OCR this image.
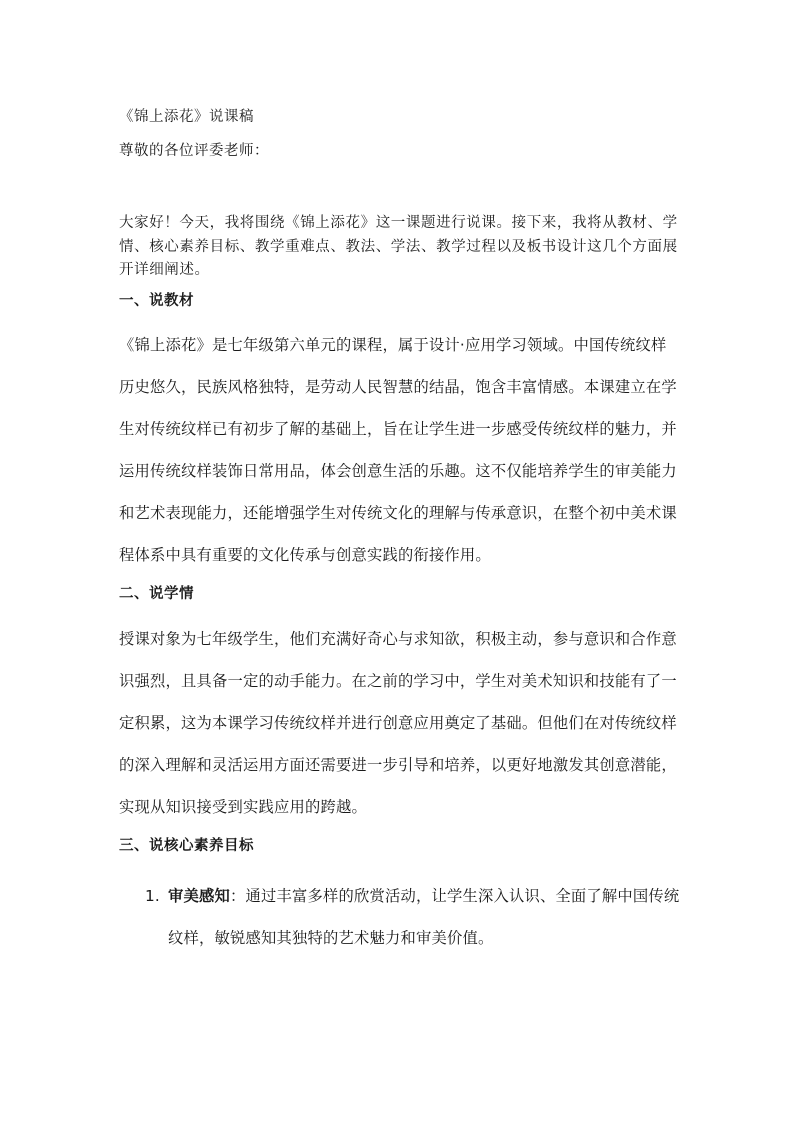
《锦上添花》说课稿
尊敬的各位评委老师：
大家好！今天，我将围绕《锦上添花》这一课题进行说课。接下来，我将从教材、学情、核心素养目标、教学重难点、教法、学法、教学过程以及板书设计这几个方面展开详细阐述。
一、说教材
《锦上添花》是七年级第六单元的课程，属于设计·应用学习领域。中国传统纹样历史悠久，民族风格独特，是劳动人民智慧的结晶，饱含丰富情感。本课建立在学生对传统纹样已有初步了解的基础上，旨在让学生进一步感受传统纹样的魅力，并运用传统纹样装饰日常用品，体会创意生活的乐趣。这不仅能培养学生的审美能力和艺术表现能力，还能增强学生对传统文化的理解与传承意识，在整个初中美术课程体系中具有重要的文化传承与创意实践的衔接作用。
二、说学情
授课对象为七年级学生，他们充满好奇心与求知欲，积极主动，参与意识和合作意识强烈，且具备一定的动手能力。在之前的学习中，学生对美术知识和技能有了一定积累，这为本课学习传统纹样并进行创意应用奠定了基础。但他们在对传统纹样的深入理解和灵活运用方面还需要进一步引导和培养，以更好地激发其创意潜能，实现从知识接受到实践应用的跨越。
三、说核心素养目标
1. 审美感知：通过丰富多样的欣赏活动，让学生深入认识、全面了解中国传统纹样，敏锐感知其独特的艺术魅力和审美价值。
